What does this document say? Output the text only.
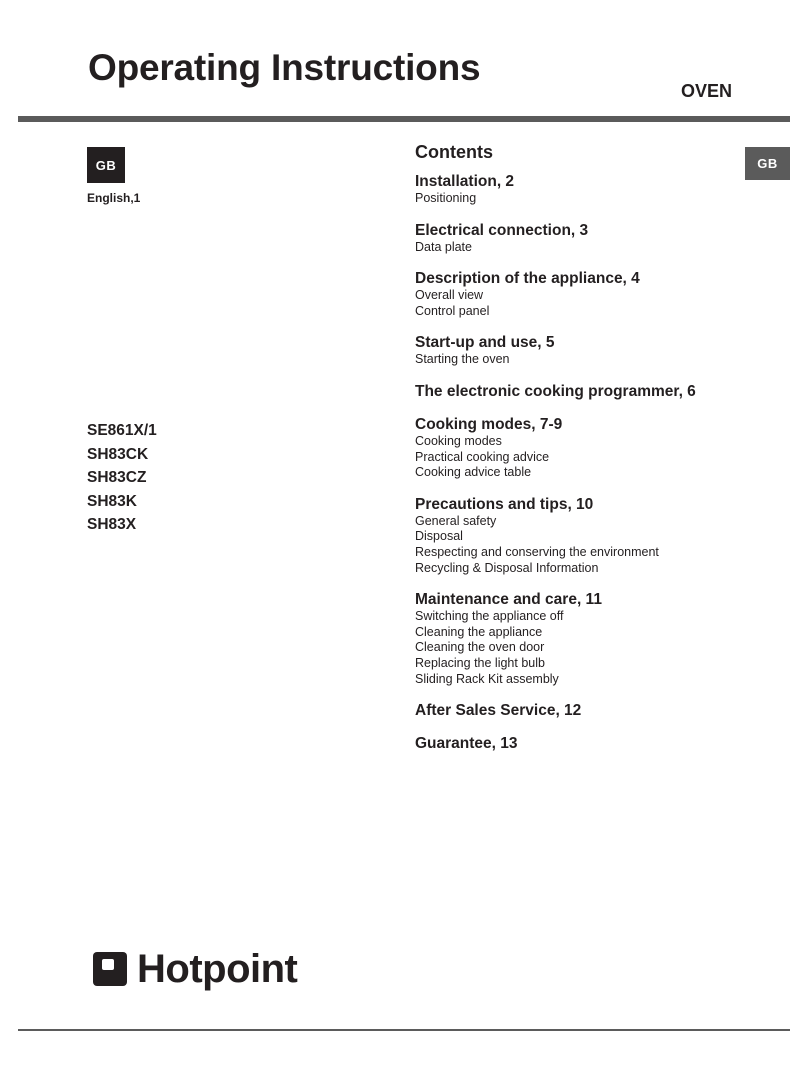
Operating Instructions
OVEN
GB
English,1
GB
SE861X/1
SH83CK
SH83CZ
SH83K
SH83X
Contents
Installation, 2
Positioning
Electrical connection, 3
Data plate
Description of the appliance, 4
Overall view
Control panel
Start-up and use, 5
Starting the oven
The electronic cooking programmer, 6
Cooking modes, 7-9
Cooking modes
Practical cooking advice
Cooking advice table
Precautions and tips, 10
General safety
Disposal
Respecting and conserving the environment
Recycling & Disposal Information
Maintenance and care, 11
Switching the appliance off
Cleaning the appliance
Cleaning the oven door
Replacing the light bulb
Sliding Rack Kit assembly
After Sales Service, 12
Guarantee, 13
Hotpoint
